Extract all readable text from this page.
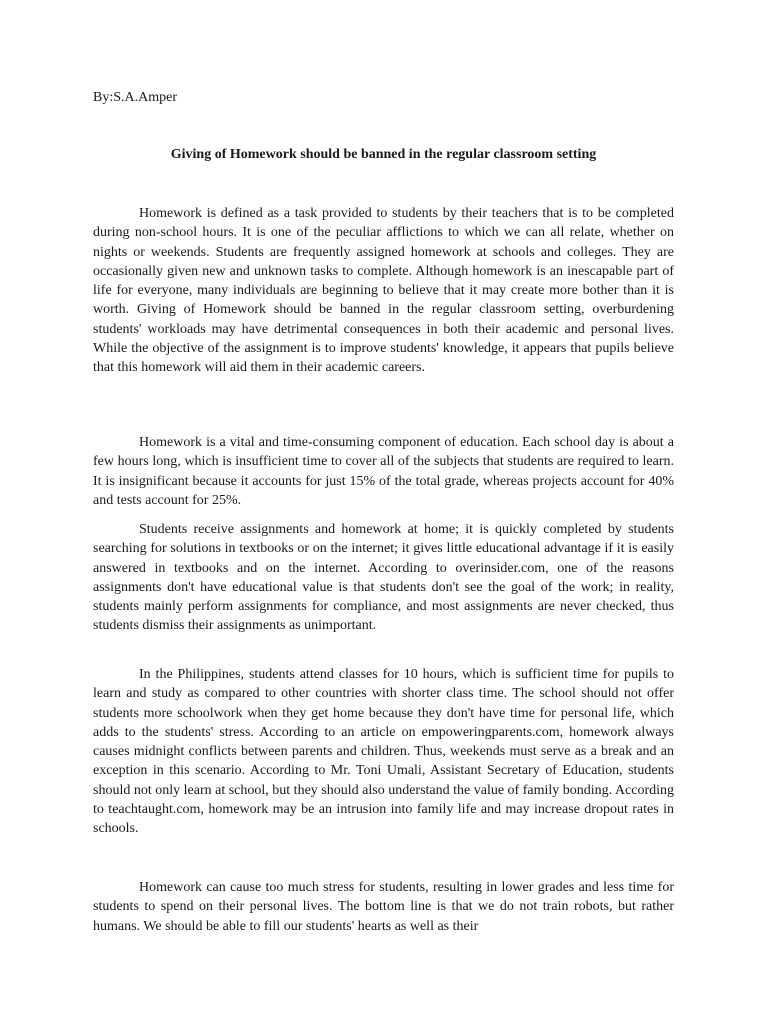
By:S.A.Amper

Giving of Homework should be banned in the regular classroom setting

Homework is defined as a task provided to students by their teachers that is to be completed during non-school hours. It is one of the peculiar afflictions to which we can all relate, whether on nights or weekends. Students are frequently assigned homework at schools and colleges. They are occasionally given new and unknown tasks to complete. Although homework is an inescapable part of life for everyone, many individuals are beginning to believe that it may create more bother than it is worth. Giving of Homework should be banned in the regular classroom setting, overburdening students' workloads may have detrimental consequences in both their academic and personal lives. While the objective of the assignment is to improve students' knowledge, it appears that pupils believe that this homework will aid them in their academic careers.

Homework is a vital and time-consuming component of education. Each school day is about a few hours long, which is insufficient time to cover all of the subjects that students are required to learn. It is insignificant because it accounts for just 15% of the total grade, whereas projects account for 40% and tests account for 25%.

Students receive assignments and homework at home; it is quickly completed by students searching for solutions in textbooks or on the internet; it gives little educational advantage if it is easily answered in textbooks and on the internet. According to overinsider.com, one of the reasons assignments don't have educational value is that students don't see the goal of the work; in reality, students mainly perform assignments for compliance, and most assignments are never checked, thus students dismiss their assignments as unimportant.

In the Philippines, students attend classes for 10 hours, which is sufficient time for pupils to learn and study as compared to other countries with shorter class time. The school should not offer students more schoolwork when they get home because they don't have time for personal life, which adds to the students' stress. According to an article on empoweringparents.com, homework always causes midnight conflicts between parents and children. Thus, weekends must serve as a break and an exception in this scenario. According to Mr. Toni Umali, Assistant Secretary of Education, students should not only learn at school, but they should also understand the value of family bonding. According to teachtaught.com, homework may be an intrusion into family life and may increase dropout rates in schools.

Homework can cause too much stress for students, resulting in lower grades and less time for students to spend on their personal lives. The bottom line is that we do not train robots, but rather humans. We should be able to fill our students' hearts as well as their
